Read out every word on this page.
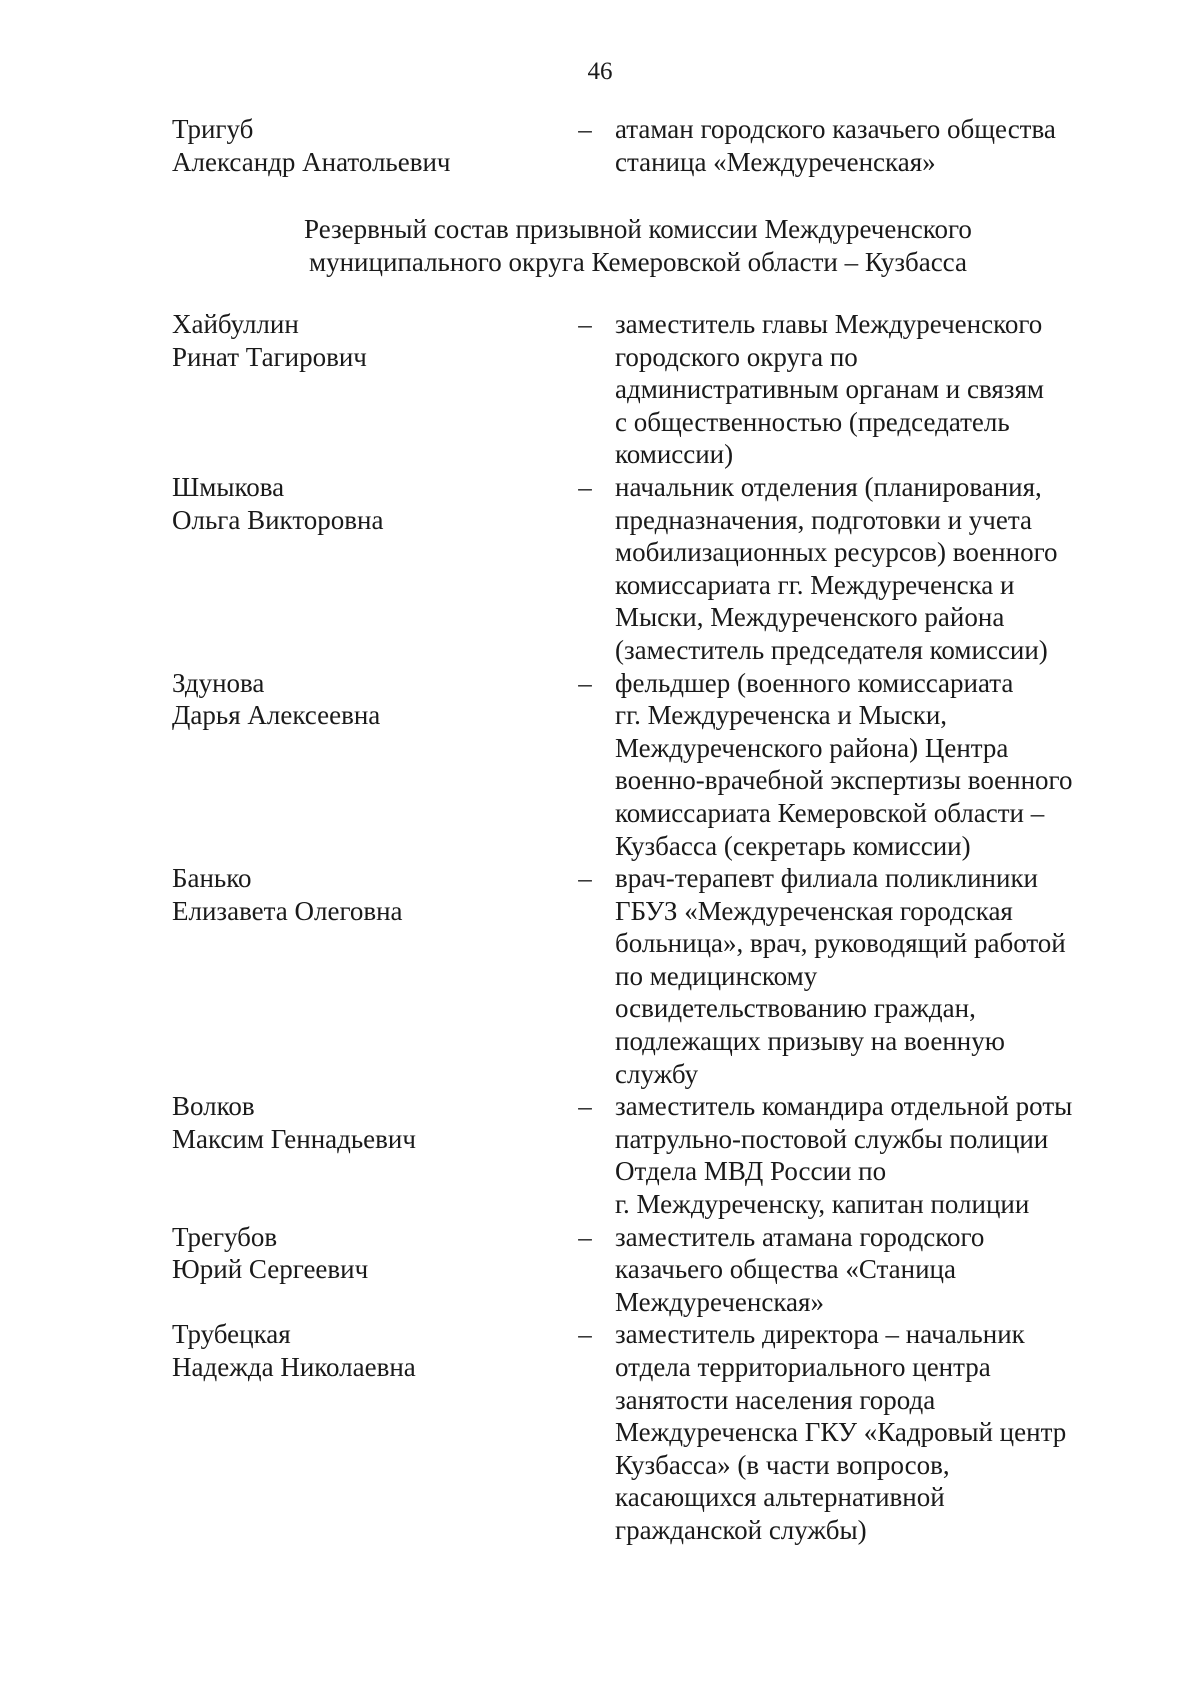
46
Тригуб
Александр Анатольевич
– атаман городского казачьего общества
станица «Междуреченская»
Резервный состав призывной комиссии Междуреченского
муниципального округа Кемеровской области – Кузбасса
Хайбуллин
Ринат Тагирович
– заместитель главы Междуреченского
городского округа по
административным органам и связям
с общественностью (председатель
комиссии)
Шмыкова
Ольга Викторовна
– начальник отделения (планирования,
предназначения, подготовки и учета
мобилизационных ресурсов) военного
комиссариата гг. Междуреченска и
Мыски, Междуреченского района
(заместитель председателя комиссии)
Здунова
Дарья Алексеевна
– фельдшер (военного комиссариата
гг. Междуреченска и Мыски,
Междуреченского района) Центра
военно-врачебной экспертизы военного
комиссариата Кемеровской области –
Кузбасса (секретарь комиссии)
Банько
Елизавета Олеговна
– врач-терапевт филиала поликлиники
ГБУЗ «Междуреченская городская
больница», врач, руководящий работой
по медицинскому
освидетельствованию граждан,
подлежащих призыву на военную
службу
Волков
Максим Геннадьевич
– заместитель командира отдельной роты
патрульно-постовой службы полиции
Отдела МВД России по
г. Междуреченску, капитан полиции
Трегубов
Юрий Сергеевич
– заместитель атамана городского
казачьего общества «Станица
Междуреченская»
Трубецкая
Надежда Николаевна
– заместитель директора – начальник
отдела территориального центра
занятости населения города
Междуреченска ГКУ «Кадровый центр
Кузбасса» (в части вопросов,
касающихся альтернативной
гражданской службы)
